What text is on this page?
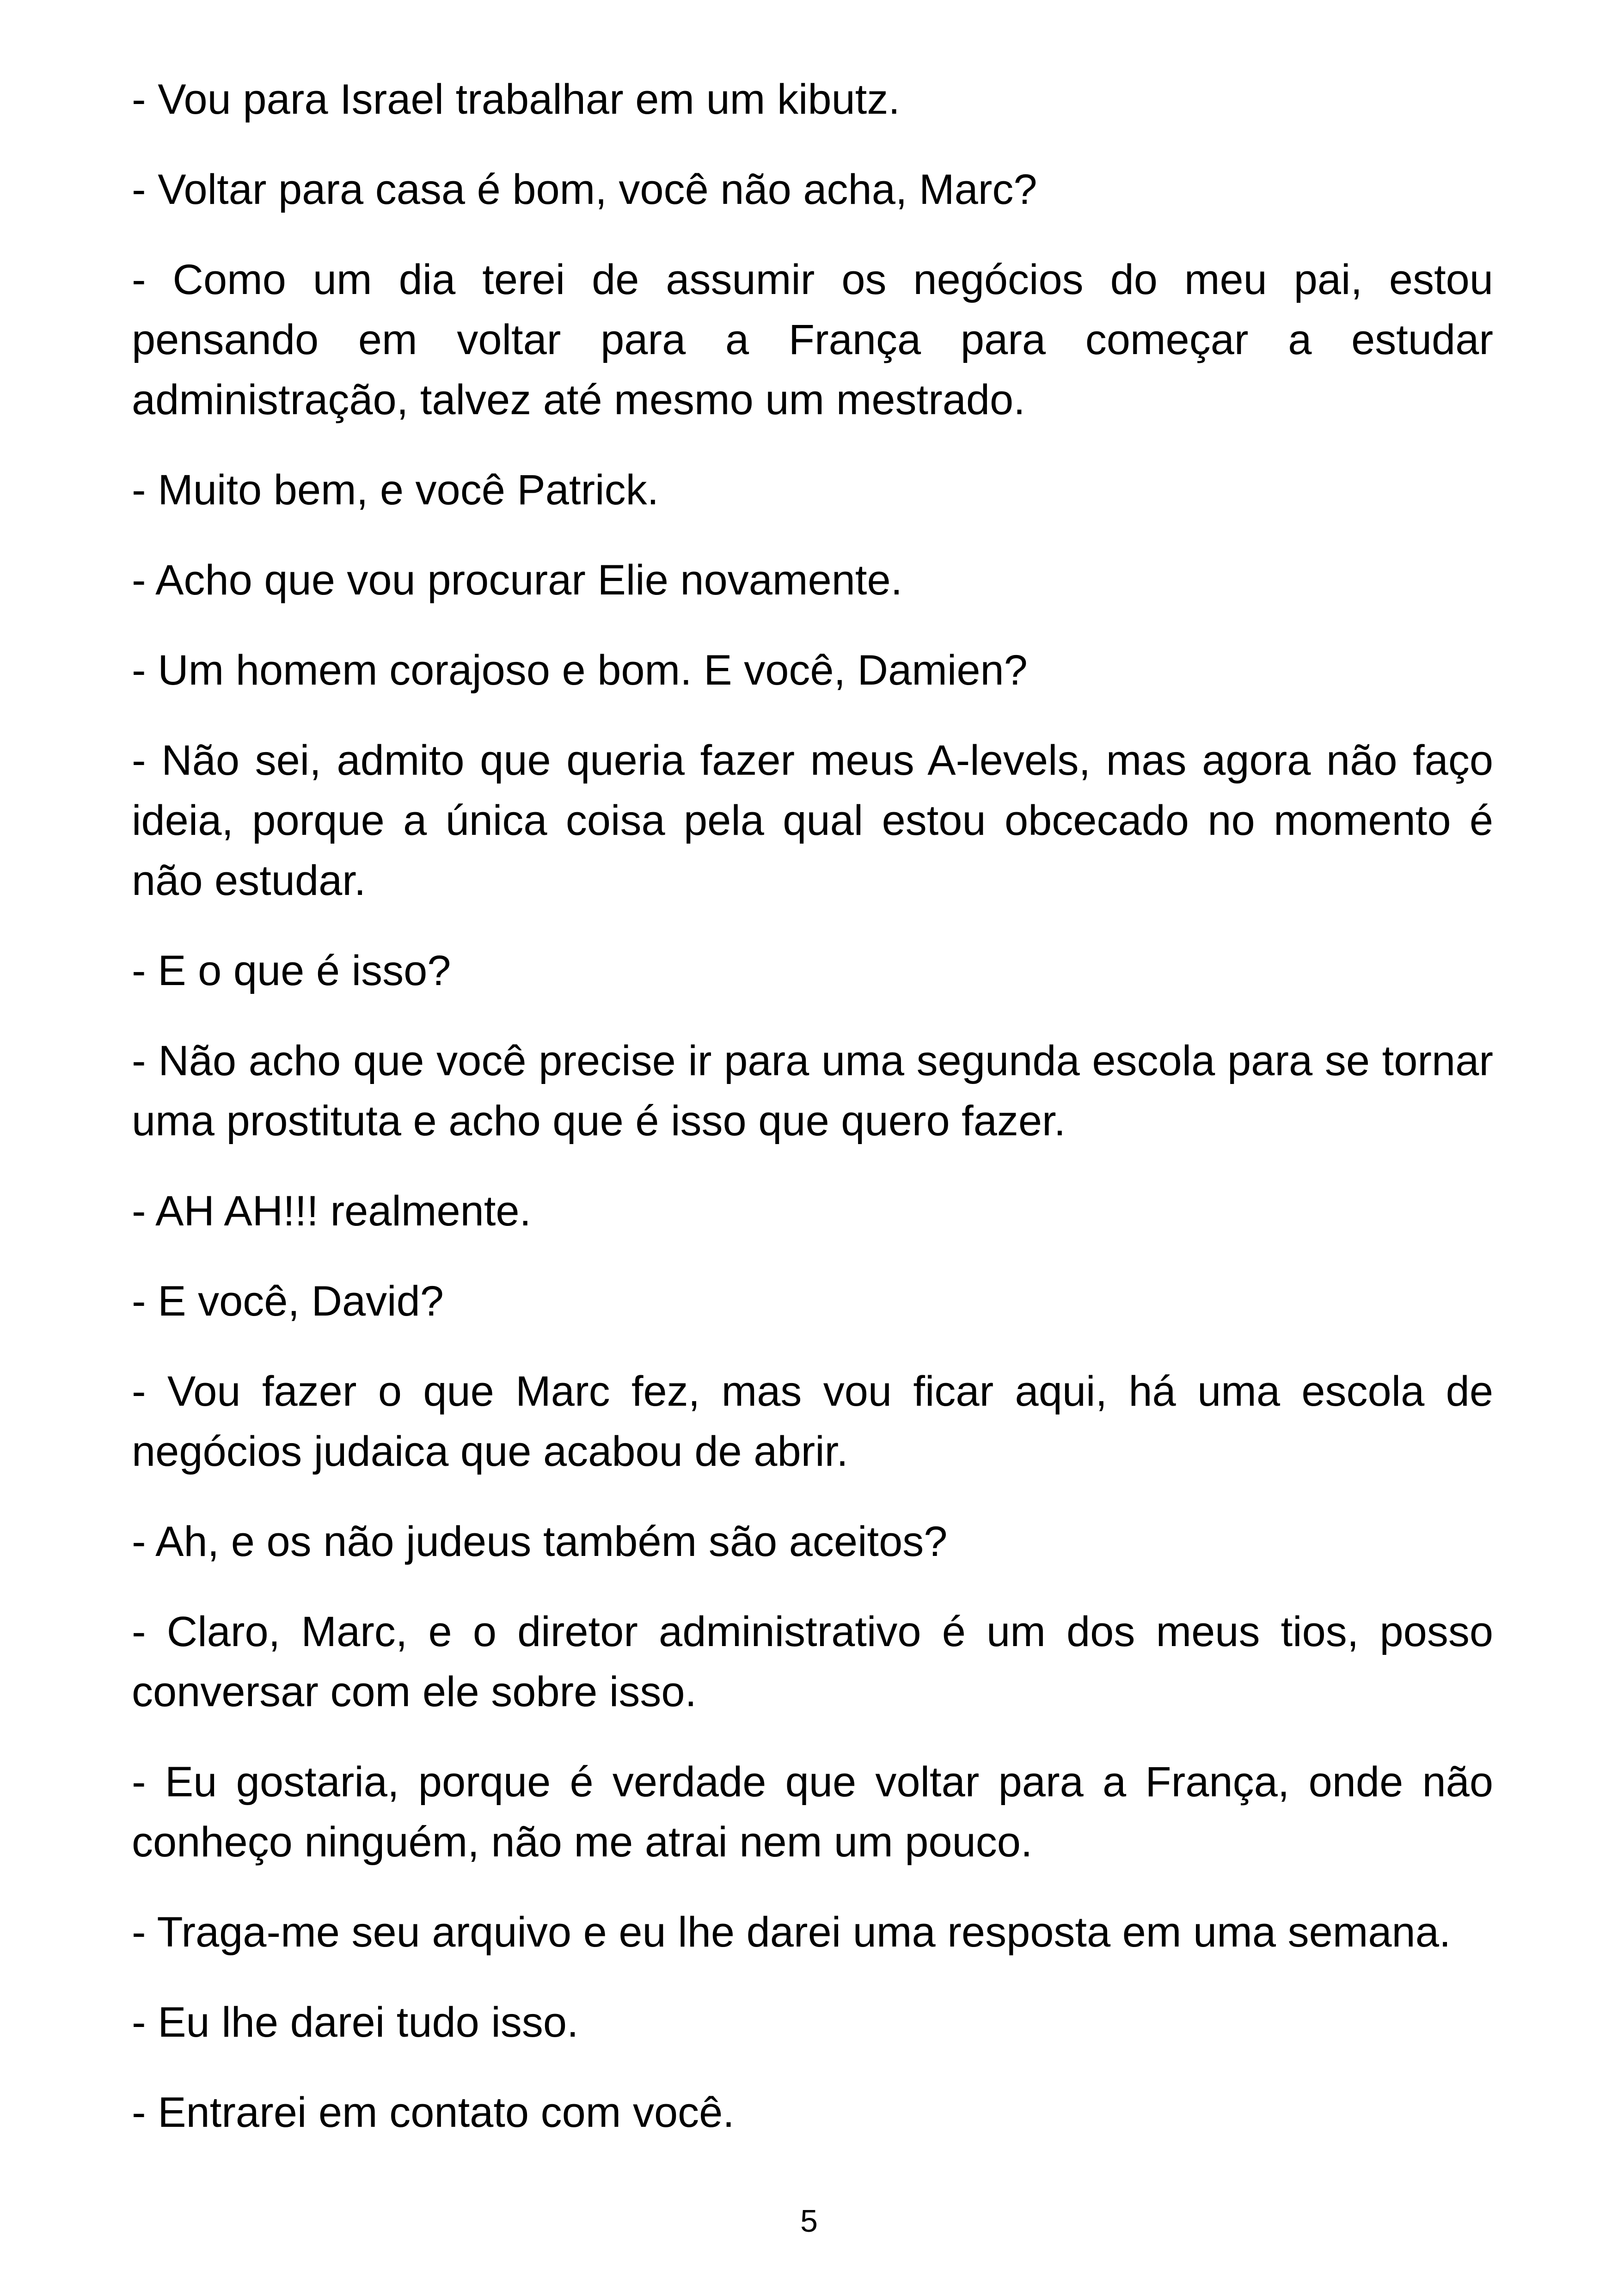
- Vou para Israel trabalhar em um kibutz.

- Voltar para casa é bom, você não acha, Marc?

- Como um dia terei de assumir os negócios do meu pai, estou pensando em voltar para a França para começar a estudar administração, talvez até mesmo um mestrado.

- Muito bem, e você Patrick.

- Acho que vou procurar Elie novamente.

- Um homem corajoso e bom. E você, Damien?

- Não sei, admito que queria fazer meus A-levels, mas agora não faço ideia, porque a única coisa pela qual estou obcecado no momento é não estudar.

- E o que é isso?

- Não acho que você precise ir para uma segunda escola para se tornar uma prostituta e acho que é isso que quero fazer.

- AH AH!!! realmente.

- E você, David?

- Vou fazer o que Marc fez, mas vou ficar aqui, há uma escola de negócios judaica que acabou de abrir.

- Ah, e os não judeus também são aceitos?

- Claro, Marc, e o diretor administrativo é um dos meus tios, posso conversar com ele sobre isso.

- Eu gostaria, porque é verdade que voltar para a França, onde não conheço ninguém, não me atrai nem um pouco.

- Traga-me seu arquivo e eu lhe darei uma resposta em uma semana.

- Eu lhe darei tudo isso.

- Entrarei em contato com você.

5
